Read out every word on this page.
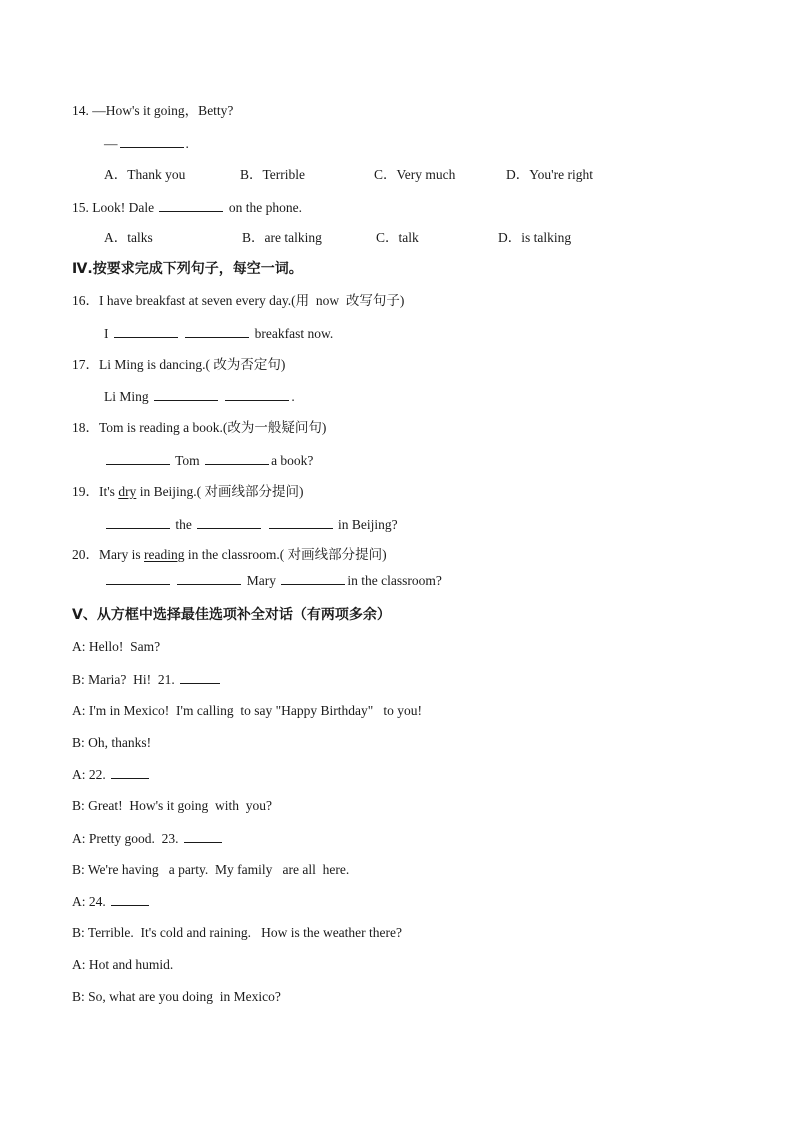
14. —How's it going，Betty?
—	.
A．Thank you	B．Terrible	C．Very much	D．You're right
15. Look! Dale	on the phone.
A．talks	B．are talking	C．talk	D．is talking
Ⅳ.按要求完成下列句子，每空一词。
16．I have breakfast at seven every day.(用  now  改写句子)
I	breakfast now.
17．Li Ming is dancing.( 改为否定句)
Li Ming	.
18．Tom is reading a book.(改为一般疑问句)
Tom	a book?
19．It's dry in Beijing.( 对画线部分提问)
the	in Beijing?
20．Mary is reading in the classroom.( 对画线部分提问)
Mary	in the classroom?
Ⅴ、从方框中选择最佳选项补全对话（有两项多余）
A: Hello!  Sam?
B: Maria?  Hi!  21.
A: I'm in Mexico!  I'm calling  to say "Happy Birthday"   to you!
B: Oh, thanks!
A: 22.
B: Great!  How's it going  with  you?
A: Pretty good.  23.
B: We're having   a party.  My family   are all  here.
A: 24.
B: Terrible.  It's cold and raining.   How is the weather there?
A: Hot and humid.
B: So, what are you doing  in Mexico?
